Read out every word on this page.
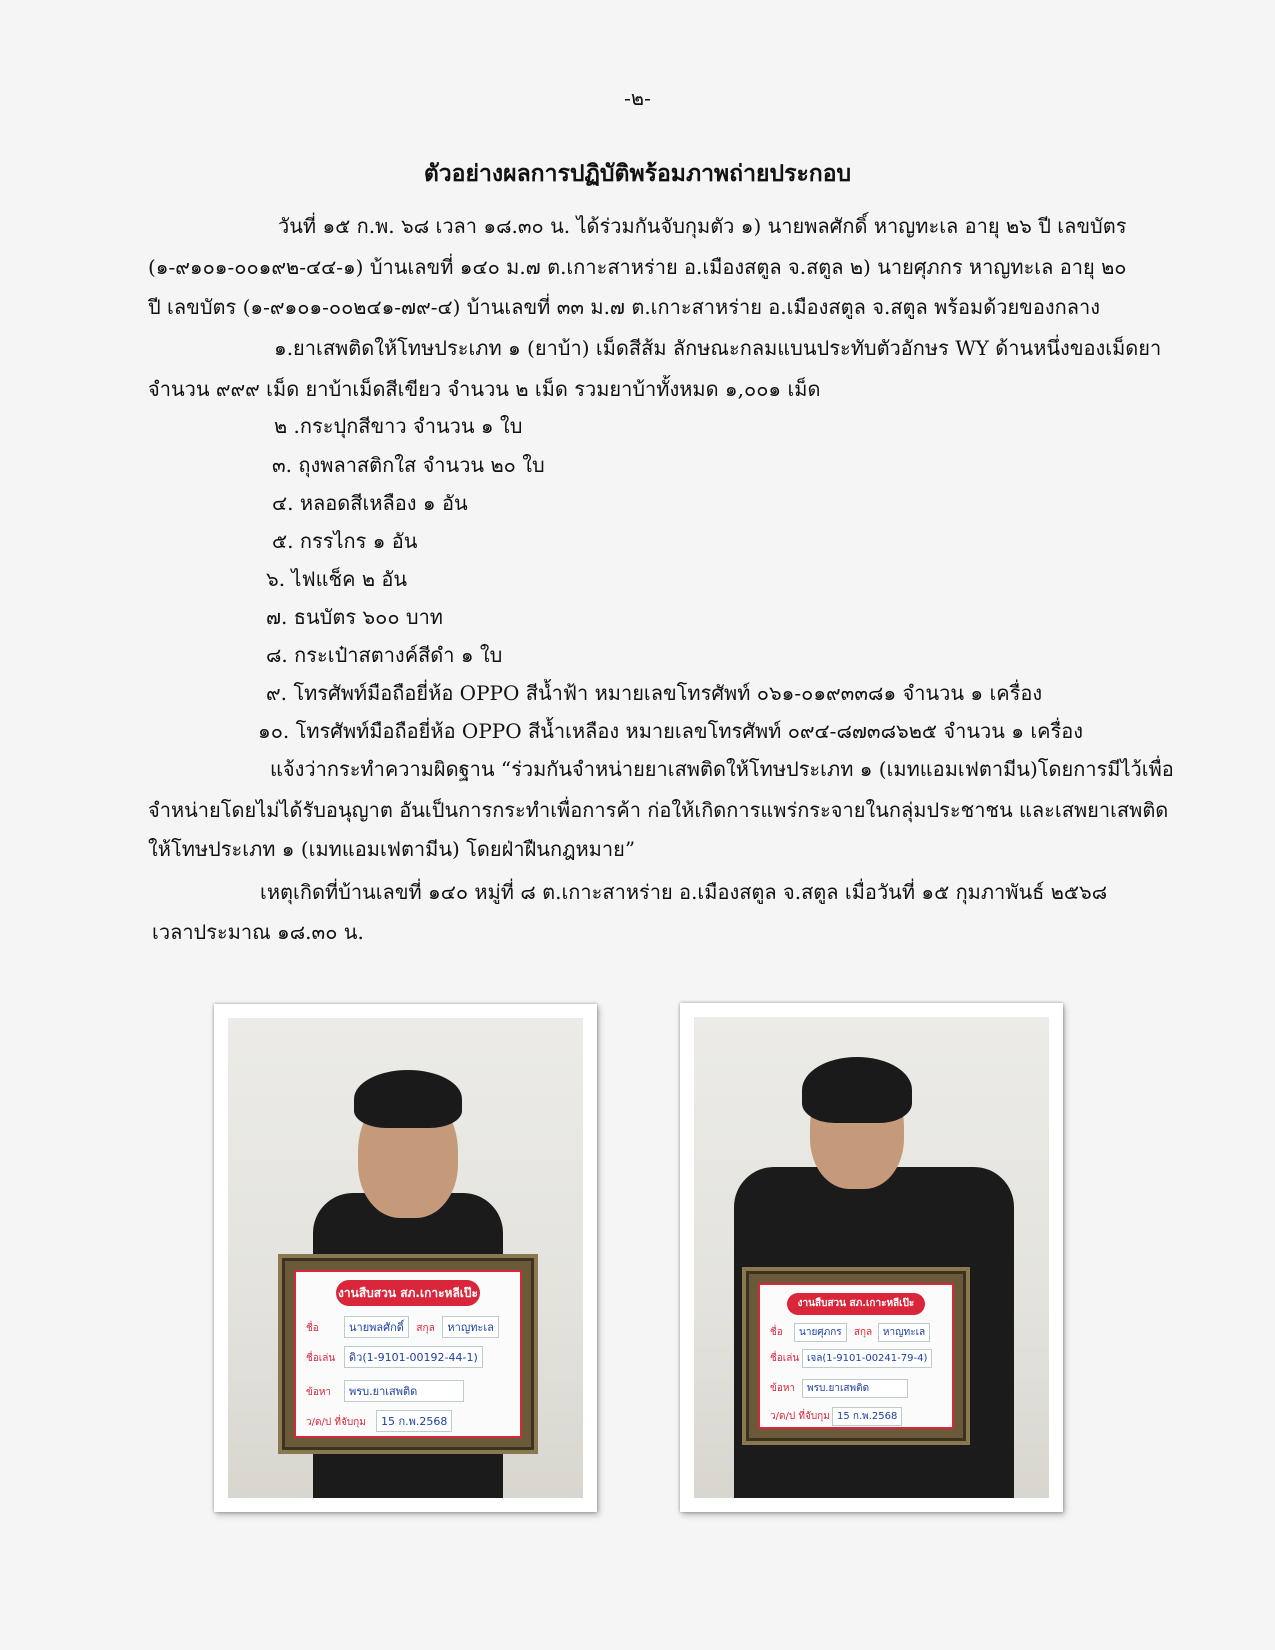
-๒-
ตัวอย่างผลการปฏิบัติพร้อมภาพถ่ายประกอบ
วันที่ ๑๕ ก.พ. ๖๘ เวลา ๑๘.๓๐ น. ได้ร่วมกันจับกุมตัว ๑) นายพลศักดิ์ หาญทะเล อายุ ๒๖ ปี เลขบัตร
(๑-๙๑๐๑-๐๐๑๙๒-๔๔-๑) บ้านเลขที่ ๑๔๐ ม.๗ ต.เกาะสาหร่าย อ.เมืองสตูล จ.สตูล ๒) นายศุภกร หาญทะเล อายุ ๒๐
ปี เลขบัตร (๑-๙๑๐๑-๐๐๒๔๑-๗๙-๔) บ้านเลขที่ ๓๓ ม.๗ ต.เกาะสาหร่าย อ.เมืองสตูล จ.สตูล พร้อมด้วยของกลาง
๑.ยาเสพติดให้โทษประเภท ๑ (ยาบ้า) เม็ดสีส้ม ลักษณะกลมแบนประทับตัวอักษร WY ด้านหนึ่งของเม็ดยา
จำนวน ๙๙๙ เม็ด ยาบ้าเม็ดสีเขียว จำนวน ๒ เม็ด รวมยาบ้าทั้งหมด ๑,๐๐๑ เม็ด
๒ .กระปุกสีขาว จำนวน ๑ ใบ
๓. ถุงพลาสติกใส จำนวน ๒๐ ใบ
๔. หลอดสีเหลือง ๑ อัน
๕. กรรไกร ๑ อัน
๖. ไฟแช็ค ๒ อัน
๗. ธนบัตร ๖๐๐ บาท
๘. กระเป๋าสตางค์สีดำ ๑ ใบ
๙. โทรศัพท์มือถือยี่ห้อ OPPO สีน้ำฟ้า หมายเลขโทรศัพท์ ๐๖๑-๐๑๙๓๓๘๑ จำนวน ๑ เครื่อง
๑๐. โทรศัพท์มือถือยี่ห้อ OPPO สีน้ำเหลือง หมายเลขโทรศัพท์ ๐๙๔-๘๗๓๘๖๒๕ จำนวน ๑ เครื่อง
แจ้งว่ากระทำความผิดฐาน “ร่วมกันจำหน่ายยาเสพติดให้โทษประเภท ๑ (เมทแอมเฟตามีน)โดยการมีไว้เพื่อ
จำหน่ายโดยไม่ได้รับอนุญาต อันเป็นการกระทำเพื่อการค้า ก่อให้เกิดการแพร่กระจายในกลุ่มประชาชน และเสพยาเสพติด
ให้โทษประเภท ๑ (เมทแอมเฟตามีน) โดยฝ่าฝืนกฎหมาย”
เหตุเกิดที่บ้านเลขที่ ๑๔๐ หมู่ที่ ๘ ต.เกาะสาหร่าย อ.เมืองสตูล จ.สตูล เมื่อวันที่ ๑๕ กุมภาพันธ์ ๒๕๖๘
เวลาประมาณ ๑๘.๓๐ น.
งานสืบสวน สภ.เกาะหลีเป๊ะ
ชื่อ	นายพลศักดิ์ สกุล หาญทะเล
ชื่อเล่น ดิว(1-9101-00192-44-1)
ข้อหา พรบ.ยาเสพติด
ว/ด/ป ที่จับกุม 15 ก.พ.2568
งานสืบสวน สภ.เกาะหลีเป๊ะ
ชื่อ นายศุภกร สกุล หาญทะเล
ชื่อเล่น เจล(1-9101-00241-79-4)
ข้อหา พรบ.ยาเสพติด
ว/ด/ป ที่จับกุม 15 ก.พ.2568
